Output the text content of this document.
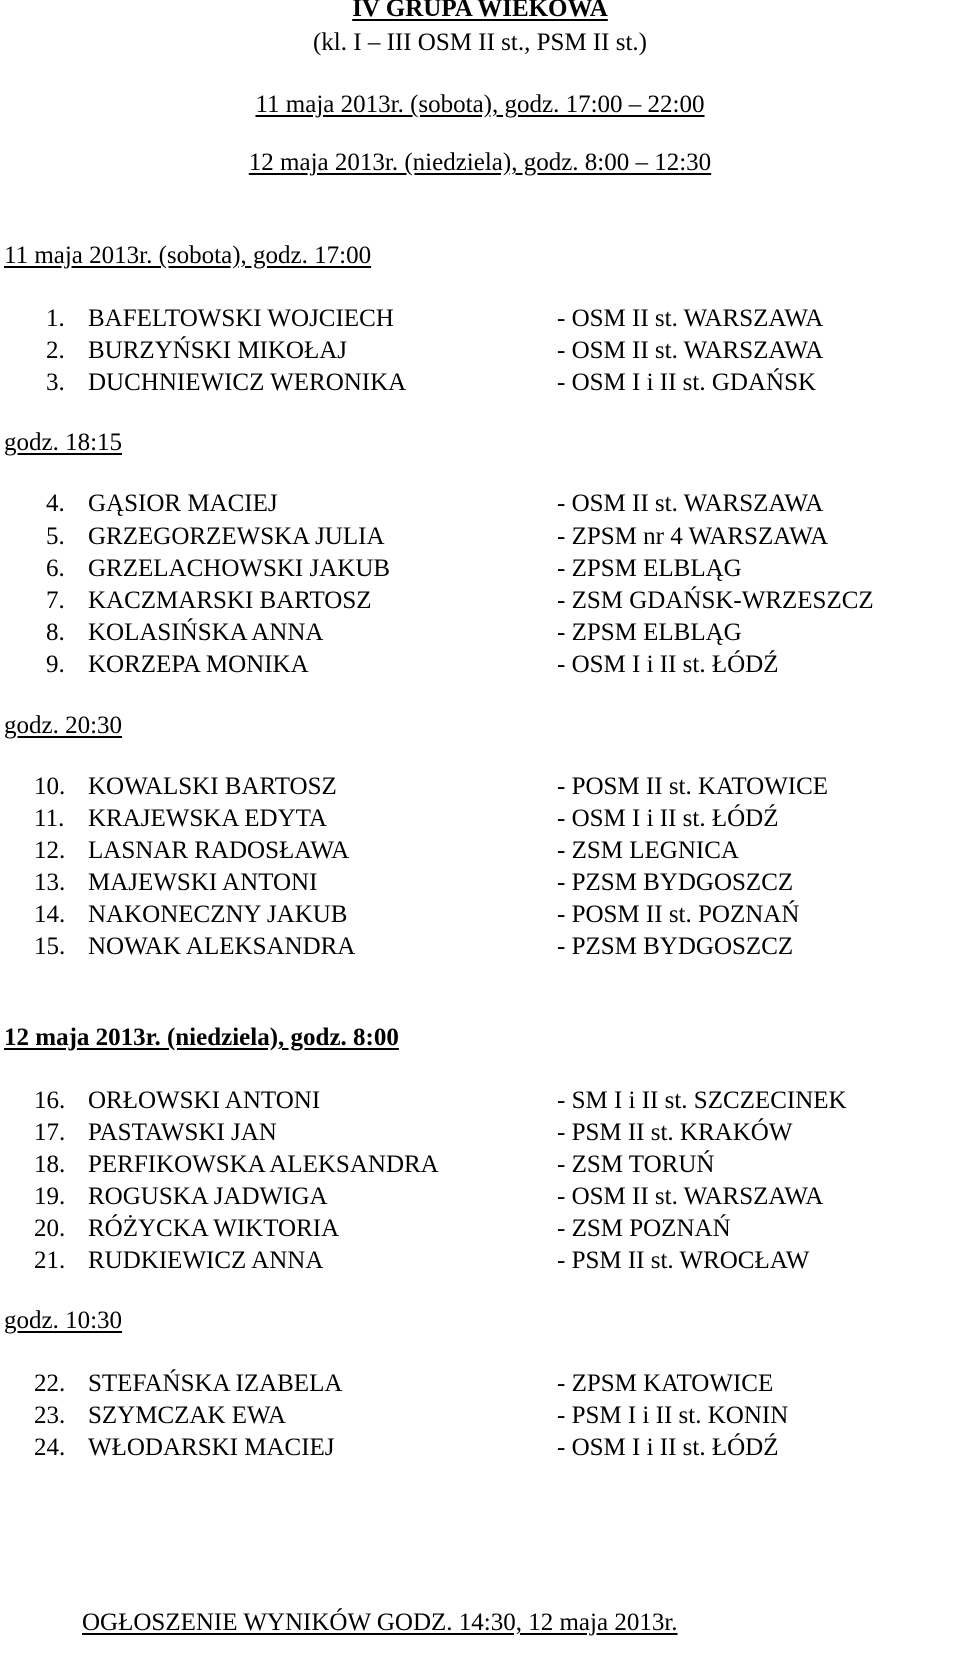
IV GRUPA WIEKOWA
(kl. I – III OSM II st., PSM II st.)
11 maja 2013r. (sobota), godz. 17:00 – 22:00
12 maja 2013r. (niedziela), godz. 8:00 – 12:30
11 maja 2013r. (sobota), godz. 17:00
1. BAFELTOWSKI WOJCIECH	- OSM II st. WARSZAWA
2. BURZYŃSKI MIKOŁAJ	- OSM II st. WARSZAWA
3. DUCHNIEWICZ WERONIKA	- OSM I i II st. GDAŃSK
godz. 18:15
4. GĄSIOR MACIEJ	- OSM II st. WARSZAWA
5. GRZEGORZEWSKA JULIA	- ZPSM nr 4 WARSZAWA
6. GRZELACHOWSKI JAKUB	- ZPSM ELBLĄG
7. KACZMARSKI BARTOSZ	- ZSM GDAŃSK-WRZESZCZ
8. KOLASIŃSKA ANNA	- ZPSM ELBLĄG
9. KORZEPA MONIKA	- OSM I i II st. ŁÓDŹ
godz. 20:30
10. KOWALSKI BARTOSZ	- POSM II st. KATOWICE
11. KRAJEWSKA EDYTA	- OSM I i II st. ŁÓDŹ
12. LASNAR RADOSŁAWA	- ZSM LEGNICA
13. MAJEWSKI ANTONI	- PZSM BYDGOSZCZ
14. NAKONECZNY JAKUB	- POSM II st. POZNAŃ
15. NOWAK ALEKSANDRA	- PZSM BYDGOSZCZ
12 maja 2013r. (niedziela), godz. 8:00
16. ORŁOWSKI ANTONI	- SM I i II st. SZCZECINEK
17. PASTAWSKI JAN	- PSM II st. KRAKÓW
18. PERFIKOWSKA ALEKSANDRA	- ZSM TORUŃ
19. ROGUSKA JADWIGA	- OSM II st. WARSZAWA
20. RÓŻYCKA WIKTORIA	- ZSM POZNAŃ
21. RUDKIEWICZ ANNA	- PSM II st. WROCŁAW
godz. 10:30
22. STEFAŃSKA IZABELA	- ZPSM KATOWICE
23. SZYMCZAK EWA	- PSM I i II st. KONIN
24. WŁODARSKI MACIEJ	- OSM I i II st. ŁÓDŹ
OGŁOSZENIE WYNIKÓW GODZ. 14:30, 12 maja 2013r.
